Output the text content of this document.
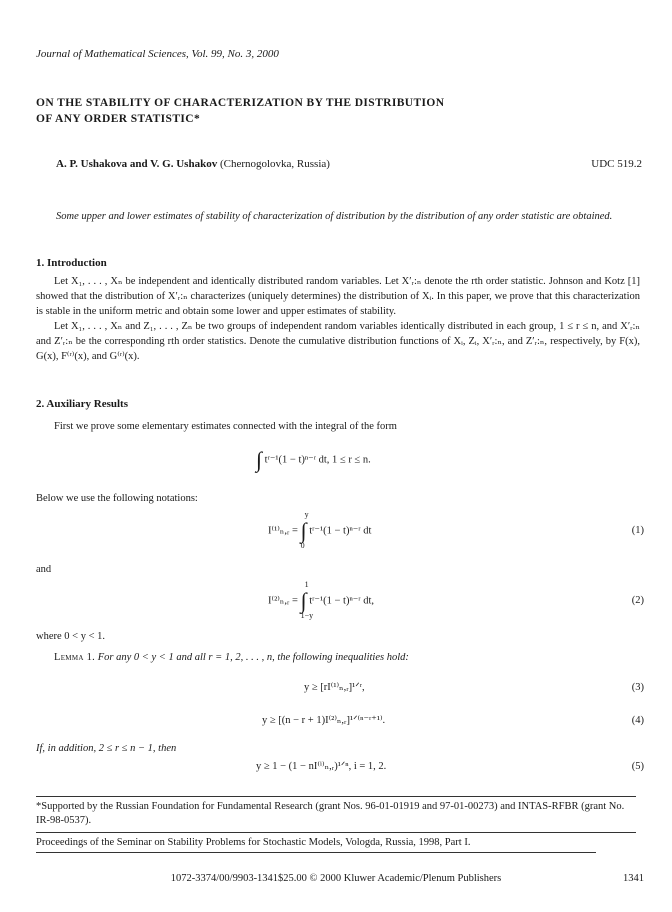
Journal of Mathematical Sciences, Vol. 99, No. 3, 2000
ON THE STABILITY OF CHARACTERIZATION BY THE DISTRIBUTION
OF ANY ORDER STATISTIC*
A. P. Ushakova and V. G. Ushakov (Chernogolovka, Russia)	UDC 519.2
Some upper and lower estimates of stability of characterization of distribution by the distribution of any order statistic are obtained.
1. Introduction

Let X₁, . . . , Xₙ be independent and identically distributed random variables. Let X′ᵣ:ₙ denote the rth order statistic. Johnson and Kotz [1] showed that the distribution of X′ᵣ:ₙ characterizes (uniquely determines) the distribution of Xᵢ. In this paper, we prove that this characterization is stable in the uniform metric and obtain some lower and upper estimates of stability.

Let X₁, . . . , Xₙ and Z₁, . . . , Zₙ be two groups of independent random variables identically distributed in each group, 1 ≤ r ≤ n, and X′ᵣ:ₙ and Z′ᵣ:ₙ be the corresponding rth order statistics. Denote the cumulative distribution functions of Xᵢ, Zᵢ, X′ᵣ:ₙ, and Z′ᵣ:ₙ, respectively, by F(x), G(x), F⁽ʳ⁾(x), and G⁽ʳ⁾(x).

2. Auxiliary Results

First we prove some elementary estimates connected with the integral of the form

∫ tʳ⁻¹(1 − t)ⁿ⁻ʳ dt, 1 ≤ r ≤ n.
Below we use the following notations:
I⁽¹⁾ₙ,ᵣ =
y
∫
0
tʳ⁻¹(1 − t)ⁿ⁻ʳ dt	(1)
and
I⁽²⁾ₙ,ᵣ =
1
∫
1−y
tʳ⁻¹(1 − t)ⁿ⁻ʳ dt,	(2)
where 0 < y < 1.

Lemma 1. For any 0 < y < 1 and all r = 1, 2, . . . , n, the following inequalities hold:

y ≥ [rI⁽¹⁾ₙ,ᵣ]¹ᐟʳ,	(3)
y ≥ [(n − r + 1)I⁽²⁾ₙ,ᵣ]¹ᐟ⁽ⁿ⁻ʳ⁺¹⁾.	(4)
If, in addition, 2 ≤ r ≤ n − 1, then
y ≥ 1 − (1 − nI⁽ⁱ⁾ₙ,ᵣ)¹ᐟⁿ, i = 1, 2.	(5)
*Supported by the Russian Foundation for Fundamental Research (grant Nos. 96-01-01919 and 97-01-00273) and INTAS-RFBR (grant No. IR-98-0537).
Proceedings of the Seminar on Stability Problems for Stochastic Models, Vologda, Russia, 1998, Part I.
1072-3374/00/9903-1341$25.00 © 2000 Kluwer Academic/Plenum Publishers	1341
